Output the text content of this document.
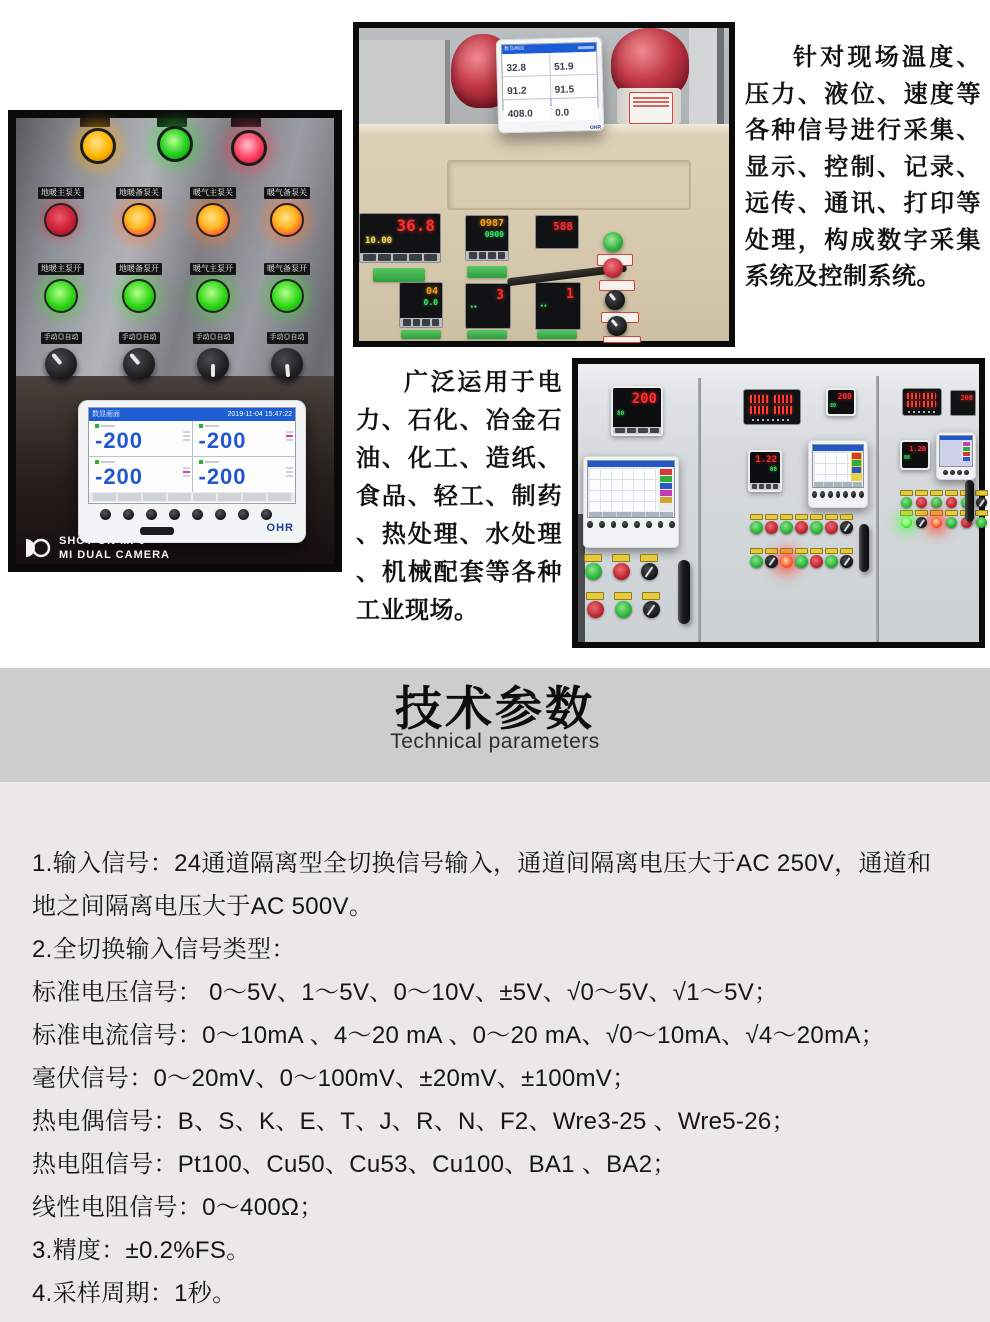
地暖主泵关	地暖备泵关	暖气主泵关	暖气备泵关
地暖主泵开	地暖备泵开	暖气主泵开	暖气备泵开
手动◎自动	手动◎自动	手动◎自动	手动◎自动
数显画面	2019-11-04 15:47:22
-200	-200
-200	-200
OHR
SHOT ON MI 6
MI DUAL CAMERA
数显画面
32.8	51.9
91.2	91.5
408.0	0.0
OHR
36.8
10.00
0987
0900
588
04
0.0	3
••
1
••

针对现场温度、压力、液位、速度等各种信号进行采集、显示、控制、记录、远传、通讯、打印等处理，构成数字采集系统及控制系统。

广泛运用于电力、石化、冶金石油、化工、造纸、食品、轻工、制药、热处理、水处理、机械配套等各种工业现场。

200
80
200
80
200
1.22
88
1.20
88
技术参数

Technical parameters

1.输入信号：24通道隔离型全切换信号输入，通道间隔离电压大于AC 250V，通道和
地之间隔离电压大于AC 500V。
2.全切换输入信号类型：
标准电压信号： 0～5V、1～5V、0～10V、±5V、√0～5V、√1～5V；
标准电流信号：0～10mA 、4～20 mA 、0～20 mA、√0～10mA、√4～20mA；
毫伏信号：0～20mV、0～100mV、±20mV、±100mV；
热电偶信号：B、S、K、E、T、J、R、N、F2、Wre3-25 、Wre5-26；
热电阻信号：Pt100、Cu50、Cu53、Cu100、BA1 、BA2；
线性电阻信号：0～400Ω；
3.精度：±0.2%FS。
4.采样周期：1秒。
